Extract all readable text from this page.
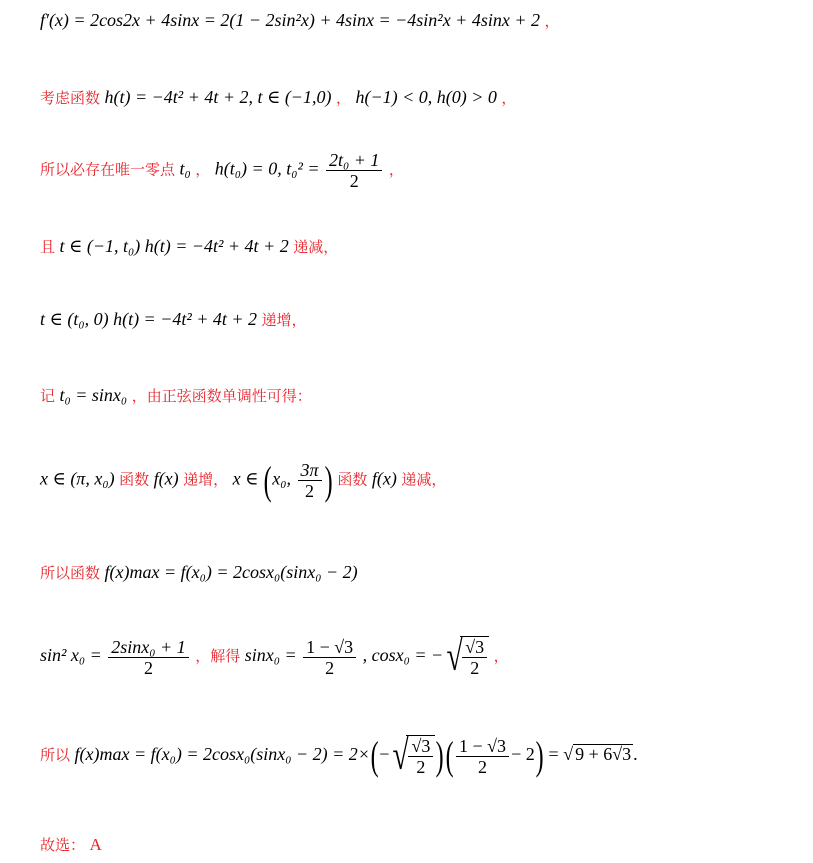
f′(x) = 2cos2x + 4sinx = 2(1 − 2sin²x) + 4sinx = −4sin²x + 4sinx + 2 ，
考虑函数 h(t) = −4t² + 4t + 2, t ∈ (−1,0) ， h(−1) < 0, h(0) > 0 ，
所以必存在唯一零点 t₀ ， h(t₀) = 0, $t_0^2 = \frac{\text{2t₀ + 1}}{2}$ ，
且 t ∈ (−1, t₀) h(t) = −4t² + 4t + 2 递减，
t ∈ (t₀, 0) h(t) = −4t² + 4t + 2 递增，
记 t₀ = sinx₀ ，由正弦函数单调性可得：
x ∈ (π, x₀) 函数 f(x) 递增， x ∈ (x₀, $\frac{3\pi}{2}$ ) 函数 f(x) 递减，
所以函数 f(x)max = f(x₀) = 2cosx₀(sinx₀ − 2)
sin² $x_0 = \frac{\text{2sinx₀ + 1}}{2}$ ，解得 $\sin x_0 = \frac{1 - √3}{2}$ , cosx₀ = −√ $\frac{√3}{2}$ ，
所以 $f(x)\max = f(x_0) = 2\cos x_0(\sin x_0 - 2) = 2\times(-√ \frac{√3}{2}$ )( $\frac{1 - √3}{2} - 2$) = √ 9 + 6√3 .
故选： A
